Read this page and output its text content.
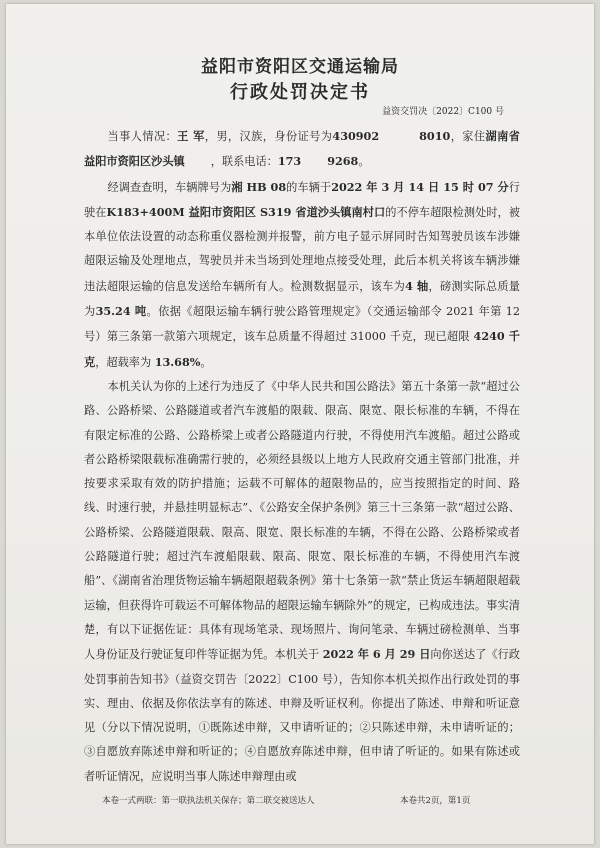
益阳市资阳区交通运输局
行政处罚决定书
益资交罚决〔2022〕C100 号

当事人情况：王 军，男，汉族，身份证号为430902	8010，家住湖南省益阳市资阳区沙头镇 ，联系电话：173 9268。

经调查查明，车辆牌号为湘 HB 08的车辆于2022 年 3 月 14 日 15 时 07 分行驶在K183+400M 益阳市资阳区 S319 省道沙头镇南村口的不停车超限检测处时，被本单位依法设置的动态称重仪器检测并报警，前方电子显示屏同时告知驾驶员该车涉嫌超限运输及处理地点，驾驶员并未当场到处理地点接受处理，此后本机关将该车辆涉嫌违法超限运输的信息发送给车辆所有人。检测数据显示，该车为4 轴，磅测实际总质量为35.24 吨。依据《超限运输车辆行驶公路管理规定》（交通运输部令 2021 年第 12 号）第三条第一款第六项规定，该车总质量不得超过 31000 千克，现已超限 4240 千克，超载率为 13.68%。

本机关认为你的上述行为违反了《中华人民共和国公路法》第五十条第一款“超过公路、公路桥梁、公路隧道或者汽车渡船的限载、限高、限宽、限长标准的车辆，不得在有限定标准的公路、公路桥梁上或者公路隧道内行驶，不得使用汽车渡船。超过公路或者公路桥梁限载标准确需行驶的，必须经县级以上地方人民政府交通主管部门批准，并按要求采取有效的防护措施；运载不可解体的超限物品的，应当按照指定的时间、路线、时速行驶，并悬挂明显标志”、《公路安全保护条例》第三十三条第一款“超过公路、公路桥梁、公路隧道限载、限高、限宽、限长标准的车辆，不得在公路、公路桥梁或者公路隧道行驶；超过汽车渡船限载、限高、限宽、限长标准的车辆，不得使用汽车渡船”、《湖南省治理货物运输车辆超限超载条例》第十七条第一款“禁止货运车辆超限超载运输，但获得许可载运不可解体物品的超限运输车辆除外”的规定，已构成违法。事实清楚，有以下证据佐证：具体有现场笔录、现场照片、询问笔录、车辆过磅检测单、当事人身份证及行驶证复印件等证据为凭。本机关于 2022 年 6 月 29 日向你送达了《行政处罚事前告知书》（益资交罚告〔2022〕C100 号），告知你本机关拟作出行政处罚的事实、理由、依据及你依法享有的陈述、申辩及听证权利。你提出了陈述、申辩和听证意见（分以下情况说明，①既陈述申辩，又申请听证的；②只陈述申辩，未申请听证的；③自愿放弃陈述申辩和听证的；④自愿放弃陈述申辩，但申请了听证的。如果有陈述或者听证情况，应说明当事人陈述申辩理由或

本卷一式两联：第一联执法机关保存；第二联交被送达人	本卷共2页，第1页
